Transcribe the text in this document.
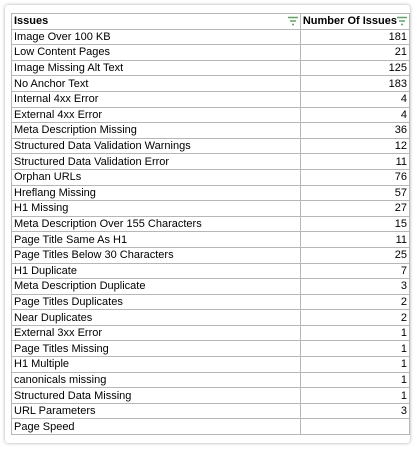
Issues	Number Of Issues

Image Over 100 KB	181
Low Content Pages	21
Image Missing Alt Text	125
No Anchor Text	183
Internal 4xx Error	4
External 4xx Error	4
Meta Description Missing	36
Structured Data Validation Warnings	12
Structured Data Validation Error	11
Orphan URLs	76
Hreflang Missing	57
H1 Missing	27
Meta Description Over 155 Characters	15
Page Title Same As H1	11
Page Titles Below 30 Characters	25
H1 Duplicate	7
Meta Description Duplicate	3
Page Titles Duplicates	2
Near Duplicates	2
External 3xx Error	1
Page Titles Missing	1
H1 Multiple	1
canonicals missing	1
Structured Data Missing	1
URL Parameters	3
Page Speed	
